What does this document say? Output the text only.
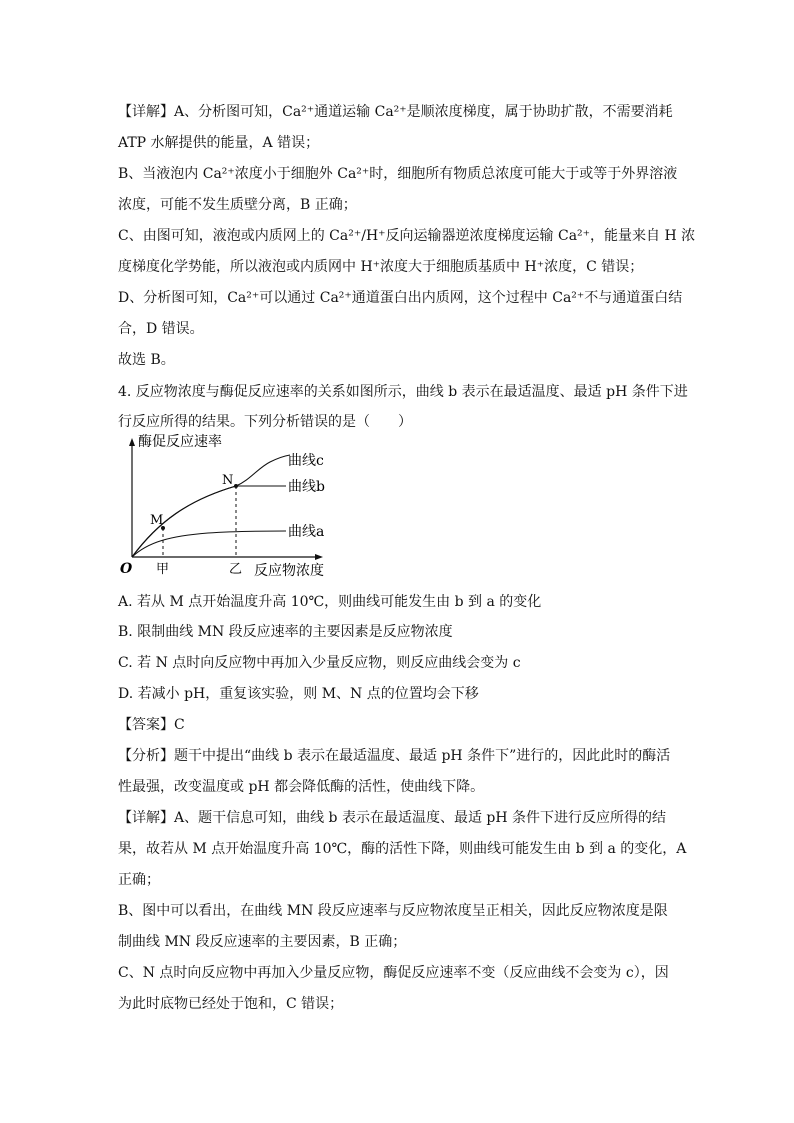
【详解】A、分析图可知，Ca²⁺通道运输 Ca²⁺是顺浓度梯度，属于协助扩散，不需要消耗
ATP 水解提供的能量，A 错误；
B、当液泡内 Ca²⁺浓度小于细胞外 Ca²⁺时，细胞所有物质总浓度可能大于或等于外界溶液
浓度，可能不发生质壁分离，B 正确；
C、由图可知，液泡或内质网上的 Ca²⁺/H⁺反向运输器逆浓度梯度运输 Ca²⁺，能量来自 H 浓
度梯度化学势能，所以液泡或内质网中 H⁺浓度大于细胞质基质中 H⁺浓度，C 错误；
D、分析图可知，Ca²⁺可以通过 Ca²⁺通道蛋白出内质网，这个过程中 Ca²⁺不与通道蛋白结
合，D 错误。
故选 B。
4. 反应物浓度与酶促反应速率的关系如图所示，曲线 b 表示在最适温度、最适 pH 条件下进
行反应所得的结果。下列分析错误的是（　　）
酶促反应速率
反应物浓度
O 甲	乙
M
N
曲线c
曲线b
曲线a
A. 若从 M 点开始温度升高 10℃，则曲线可能发生由 b 到 a 的变化
B. 限制曲线 MN 段反应速率的主要因素是反应物浓度
C. 若 N 点时向反应物中再加入少量反应物，则反应曲线会变为 c
D. 若减小 pH，重复该实验，则 M、N 点的位置均会下移
【答案】C
【分析】题干中提出“曲线 b 表示在最适温度、最适 pH 条件下”进行的，因此此时的酶活
性最强，改变温度或 pH 都会降低酶的活性，使曲线下降。
【详解】A、题干信息可知，曲线 b 表示在最适温度、最适 pH 条件下进行反应所得的结
果，故若从 M 点开始温度升高 10℃，酶的活性下降，则曲线可能发生由 b 到 a 的变化，A
正确；
B、图中可以看出，在曲线 MN 段反应速率与反应物浓度呈正相关，因此反应物浓度是限
制曲线 MN 段反应速率的主要因素，B 正确；
C、N 点时向反应物中再加入少量反应物，酶促反应速率不变（反应曲线不会变为 c），因
为此时底物已经处于饱和，C 错误；
